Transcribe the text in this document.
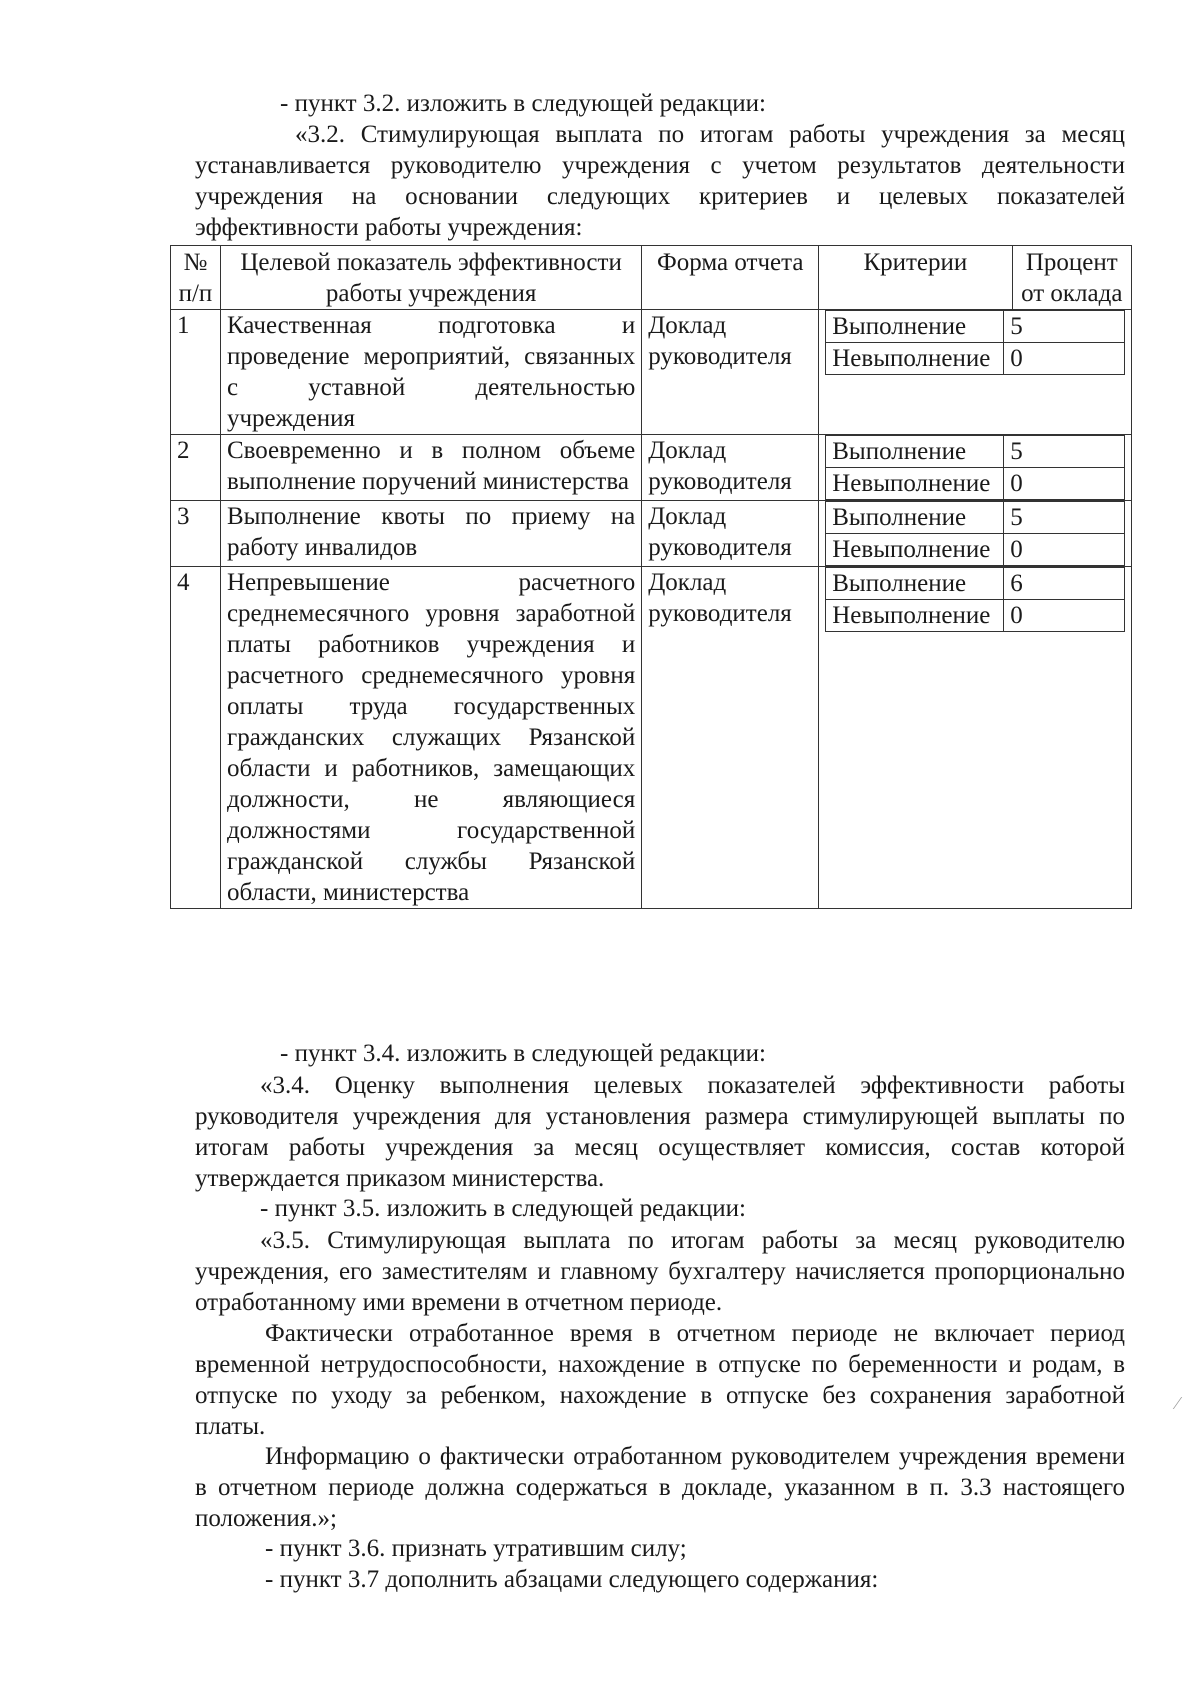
- пункт 3.2. изложить в следующей редакции:

«3.2. Стимулирующая выплата по итогам работы учреждения за месяц устанавливается руководителю учреждения с учетом результатов деятельности учреждения на основании следующих критериев и целевых показателей эффективности работы учреждения:

№ п/п	Целевой показатель эффективности работы учреждения	Форма отчета	Критерии	Процент от оклада
1	Качественная подготовка и проведение мероприятий, связанных с уставной деятельностью учреждения	Доклад руководителя	
Выполнение	5
Невыполнение	0

2	Своевременно и в полном объеме выполнение поручений министерства	Доклад руководителя	
Выполнение	5
Невыполнение	0

3	Выполнение квоты по приему на работу инвалидов	Доклад руководителя	
Выполнение	5
Невыполнение	0

4	Непревышение расчетного среднемесячного уровня заработной платы работников учреждения и расчетного среднемесячного уровня оплаты труда государственных гражданских служащих Рязанской области и работников, замещающих должности, не являющиеся должностями государственной гражданской службы Рязанской области, министерства	Доклад руководителя	
Выполнение	6
Невыполнение	0

- пункт 3.4. изложить в следующей редакции:

«3.4. Оценку выполнения целевых показателей эффективности работы руководителя учреждения для установления размера стимулирующей выплаты по итогам работы учреждения за месяц осуществляет комиссия, состав которой утверждается приказом министерства.

- пункт 3.5. изложить в следующей редакции:

«3.5. Стимулирующая выплата по итогам работы за месяц руководителю учреждения, его заместителям и главному бухгалтеру начисляется пропорционально отработанному ими времени в отчетном периоде.

Фактически отработанное время в отчетном периоде не включает период временной нетрудоспособности, нахождение в отпуске по беременности и родам, в отпуске по уходу за ребенком, нахождение в отпуске без сохранения заработной платы.

Информацию о фактически отработанном руководителем учреждения времени в отчетном периоде должна содержаться в докладе, указанном в п. 3.3 настоящего положения.»;

- пункт 3.6. признать утратившим силу;

- пункт 3.7 дополнить абзацами следующего содержания:

⁄
